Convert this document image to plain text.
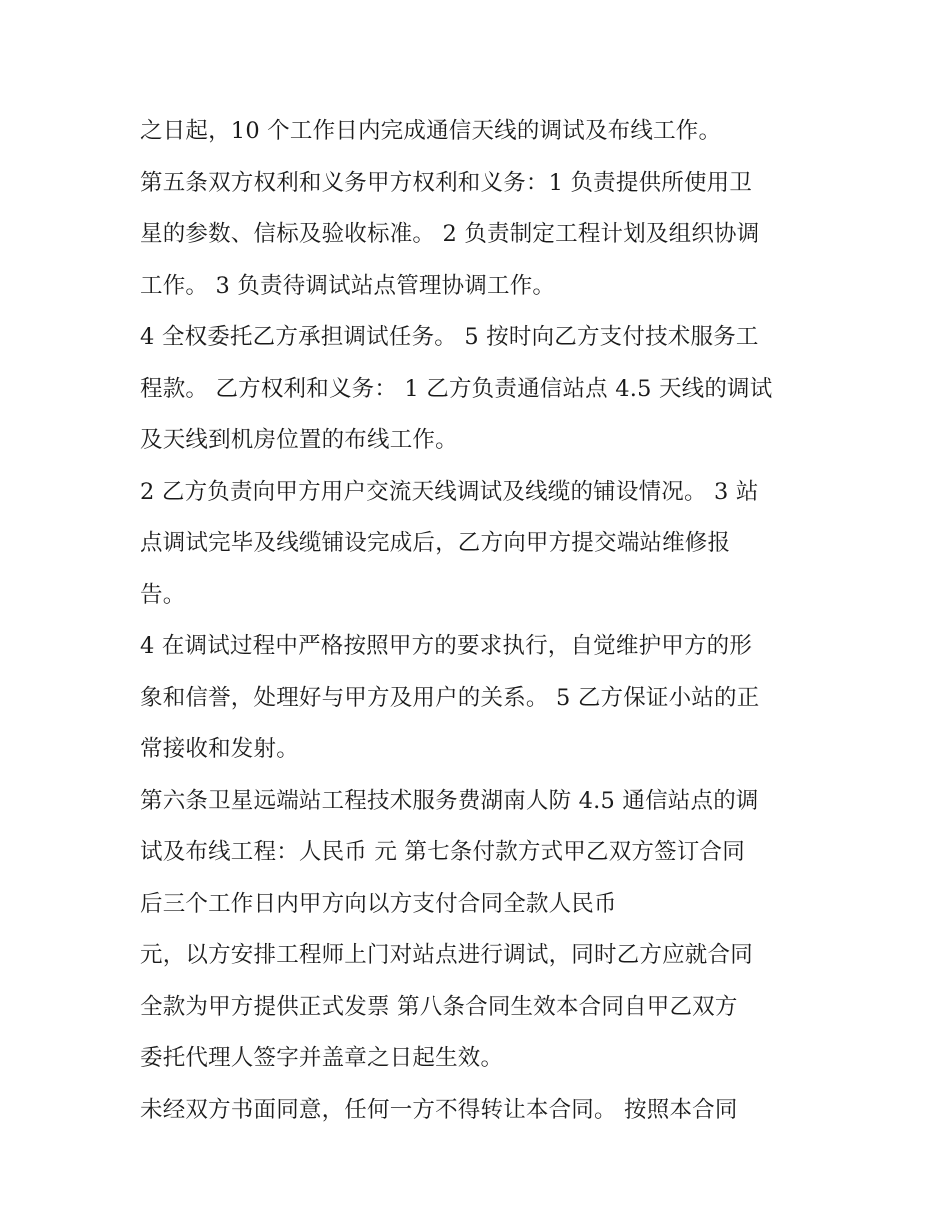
之日起，10 个工作日内完成通信天线的调试及布线工作。
第五条双方权利和义务甲方权利和义务：1 负责提供所使用卫
星的参数、信标及验收标准。 2 负责制定工程计划及组织协调
工作。 3 负责待调试站点管理协调工作。
4 全权委托乙方承担调试任务。 5 按时向乙方支付技术服务工
程款。 乙方权利和义务： 1 乙方负责通信站点 4.5 天线的调试
及天线到机房位置的布线工作。
2 乙方负责向甲方用户交流天线调试及线缆的铺设情况。 3 站
点调试完毕及线缆铺设完成后，乙方向甲方提交端站维修报
告。
4 在调试过程中严格按照甲方的要求执行，自觉维护甲方的形
象和信誉，处理好与甲方及用户的关系。 5 乙方保证小站的正
常接收和发射。
第六条卫星远端站工程技术服务费湖南人防 4.5 通信站点的调
试及布线工程：人民币 元 第七条付款方式甲乙双方签订合同
后三个工作日内甲方向以方支付合同全款人民币
元，以方安排工程师上门对站点进行调试，同时乙方应就合同
全款为甲方提供正式发票 第八条合同生效本合同自甲乙双方
委托代理人签字并盖章之日起生效。
未经双方书面同意，任何一方不得转让本合同。 按照本合同
